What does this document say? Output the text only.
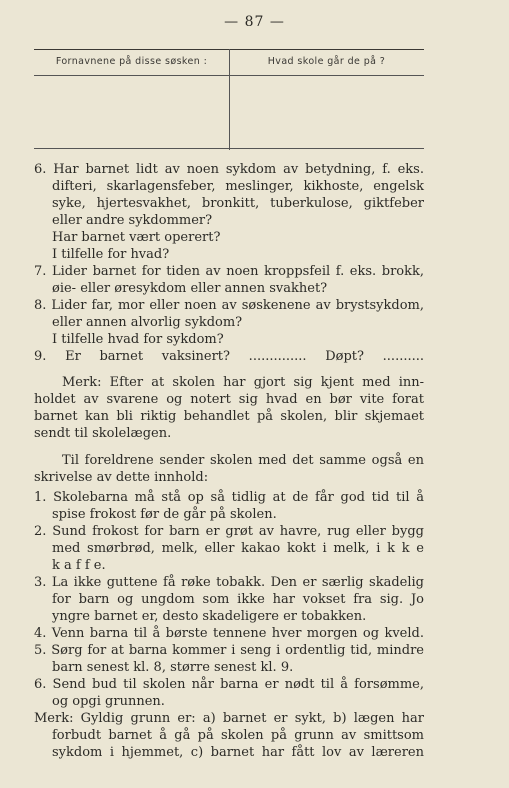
— 87 —
Fornavnene på disse søsken :	Hvad skole går de på ?
6. Har barnet lidt av noen sykdom av betydning, f. eks.
difteri, skarlagensfeber, meslinger, kikhoste, engelsk
syke, hjertesvakhet, bronkitt, tuberkulose, giktfeber
eller andre sykdommer?
Har barnet vært operert?
I tilfelle for hvad?
7. Lider barnet for tiden av noen kroppsfeil f. eks. brokk,
øie- eller øresykdom eller annen svakhet?
8. Lider far, mor eller noen av søskenene av brystsykdom,
eller annen alvorlig sykdom?
I tilfelle hvad for sykdom?
9. Er barnet vaksinert? .............. Døpt? ..........
Merk: Efter at skolen har gjort sig kjent med inn-
holdet av svarene og notert sig hvad en bør vite forat
barnet kan bli riktig behandlet på skolen, blir skjemaet
sendt til skolelægen.
Til foreldrene sender skolen med det samme også en
skrivelse av dette innhold:
1. Skolebarna må stå op så tidlig at de får god tid til å
spise frokost før de går på skolen.
2. Sund frokost for barn er grøt av havre, rug eller bygg
med smørbrød, melk, eller kakao kokt i melk, i k k e
k a f f e.
3. La ikke guttene få røke tobakk. Den er særlig skadelig
for barn og ungdom som ikke har vokset fra sig. Jo
yngre barnet er, desto skadeligere er tobakken.
4. Venn barna til å børste tennene hver morgen og kveld.
5. Sørg for at barna kommer i seng i ordentlig tid, mindre
barn senest kl. 8, større senest kl. 9.
6. Send bud til skolen når barna er nødt til å forsømme,
og opgi grunnen.
Merk: Gyldig grunn er: a) barnet er sykt, b) lægen har
forbudt barnet å gå på skolen på grunn av smittsom
sykdom i hjemmet, c) barnet har fått lov av læreren
